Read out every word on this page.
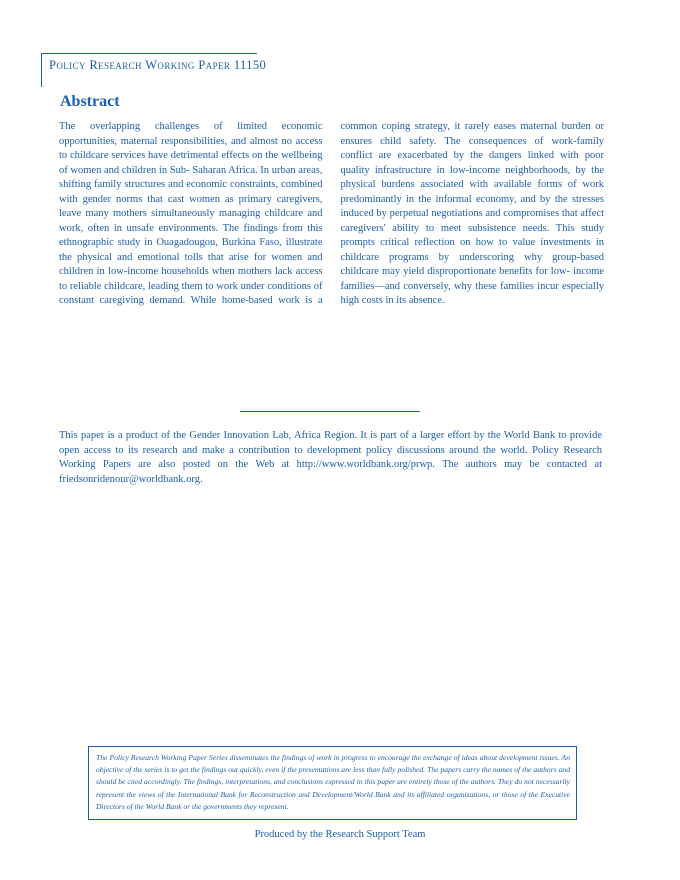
Policy Research Working Paper 11150
Abstract

The overlapping challenges of limited economic opportunities, maternal responsibilities, and almost no access to childcare services have detrimental effects on the wellbeing of women and children in Sub- Saharan Africa. In urban areas, shifting family structures and economic constraints, combined with gender norms that cast women as primary caregivers, leave many mothers simultaneously managing childcare and work, often in unsafe environments. The findings from this ethnographic study in Ouagadougou, Burkina Faso, illustrate the physical and emotional tolls that arise for women and children in low-income households when mothers lack access to reliable childcare, leading them to work under conditions of constant caregiving demand. While home-based work is a common coping strategy, it rarely eases maternal burden or ensures child safety. The consequences of work-family conflict are exacerbated by the dangers linked with poor quality infrastructure in low-income neighborhoods, by the physical burdens associated with available forms of work predominantly in the informal economy, and by the stresses induced by perpetual negotiations and compromises that affect caregivers' ability to meet subsistence needs. This study prompts critical reflection on how to value investments in childcare programs by underscoring why group-based childcare may yield disproportionate benefits for low- income families—and conversely, why these families incur especially high costs in its absence.

This paper is a product of the Gender Innovation Lab, Africa Region. It is part of a larger effort by the World Bank to provide open access to its research and make a contribution to development policy discussions around the world. Policy Research Working Papers are also posted on the Web at http://www.worldbank.org/prwp. The authors may be contacted at friedsonridenour@worldbank.org.

The Policy Research Working Paper Series disseminates the findings of work in progress to encourage the exchange of ideas about development issues. An objective of the series is to get the findings out quickly, even if the presentations are less than fully polished. The papers carry the names of the authors and should be cited accordingly. The findings, interpretations, and conclusions expressed in this paper are entirely those of the authors. They do not necessarily represent the views of the International Bank for Reconstruction and Development/World Bank and its affiliated organizations, or those of the Executive Directors of the World Bank or the governments they represent.

Produced by the Research Support Team
